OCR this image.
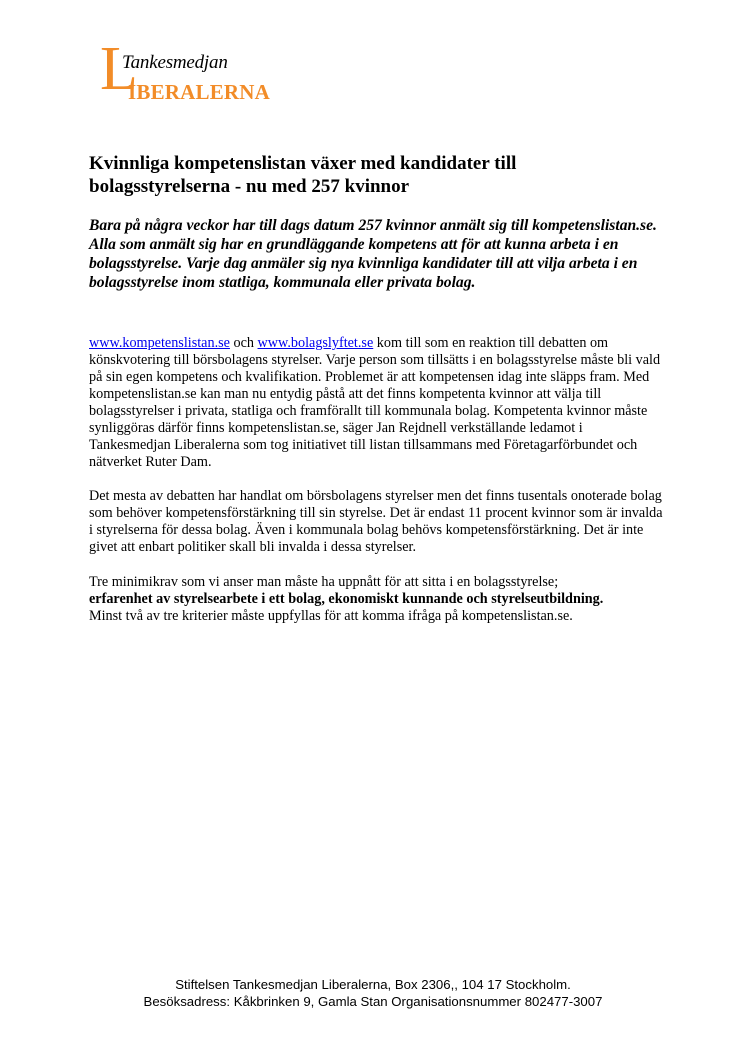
L
Tankesmedjan
IBERALERNA
Kvinnliga kompetenslistan växer med kandidater till bolagsstyrelserna - nu med 257 kvinnor

Bara på några veckor har till dags datum 257 kvinnor anmält sig till kompetenslistan.se. Alla som anmält sig har en grundläggande kompetens att för att kunna arbeta i en bolagsstyrelse. Varje dag anmäler sig nya kvinnliga kandidater till att vilja arbeta i en bolagsstyrelse inom statliga, kommunala eller privata bolag.

www.kompetenslistan.se och www.bolagslyftet.se kom till som en reaktion till debatten om könskvotering till börsbolagens styrelser. Varje person som tillsätts i en bolagsstyrelse måste bli vald på sin egen kompetens och kvalifikation. Problemet är att kompetensen idag inte släpps fram. Med kompetenslistan.se kan man nu entydig påstå att det finns kompetenta kvinnor att välja till bolagsstyrelser i privata, statliga och framförallt till kommunala bolag. Kompetenta kvinnor måste synliggöras därför finns kompetenslistan.se, säger Jan Rejdnell verkställande ledamot i Tankesmedjan Liberalerna som tog initiativet till listan tillsammans med Företagarförbundet och nätverket Ruter Dam.

Det mesta av debatten har handlat om börsbolagens styrelser men det finns tusentals onoterade bolag som behöver kompetensförstärkning till sin styrelse. Det är endast 11 procent kvinnor som är invalda i styrelserna för dessa bolag. Även i kommunala bolag behövs kompetensförstärkning. Det är inte givet att enbart politiker skall bli invalda i dessa styrelser.

Tre minimikrav som vi anser man måste ha uppnått för att sitta i en bolagsstyrelse;
erfarenhet av styrelsearbete i ett bolag, ekonomiskt kunnande och styrelseutbildning.
Minst två av tre kriterier måste uppfyllas för att komma ifråga på kompetenslistan.se.

Stiftelsen Tankesmedjan Liberalerna, Box 2306,, 104 17 Stockholm.
Besöksadress: Kåkbrinken 9, Gamla Stan Organisationsnummer 802477-3007
